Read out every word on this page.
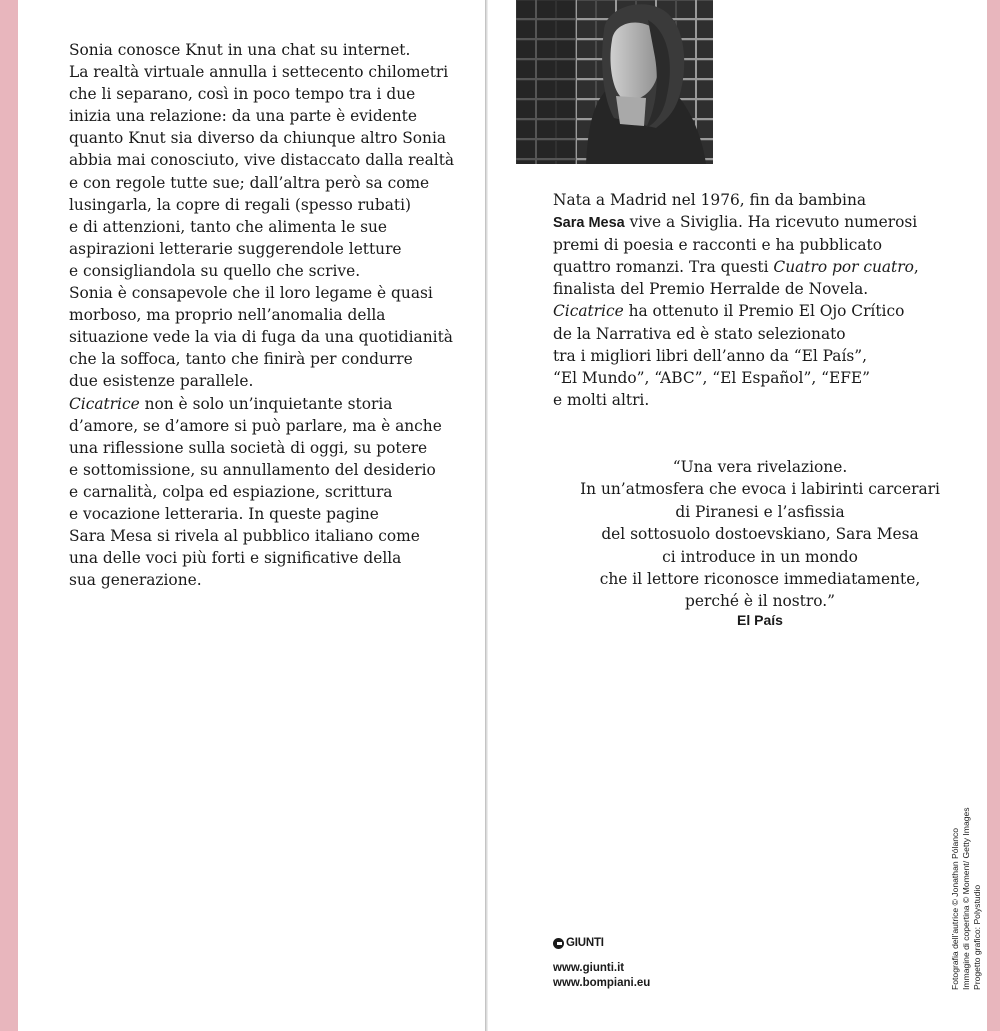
Sonia conosce Knut in una chat su internet.
La realtà virtuale annulla i settecento chilometri
che li separano, così in poco tempo tra i due
inizia una relazione: da una parte è evidente
quanto Knut sia diverso da chiunque altro Sonia
abbia mai conosciuto, vive distaccato dalla realtà
e con regole tutte sue; dall’altra però sa come
lusingarla, la copre di regali (spesso rubati)
e di attenzioni, tanto che alimenta le sue
aspirazioni letterarie suggerendole letture
e consigliandola su quello che scrive.
Sonia è consapevole che il loro legame è quasi
morboso, ma proprio nell’anomalia della
situazione vede la via di fuga da una quotidianità
che la soffoca, tanto che finirà per condurre
due esistenze parallele.
Cicatrice non è solo un’inquietante storia
d’amore, se d’amore si può parlare, ma è anche
una riflessione sulla società di oggi, su potere
e sottomissione, su annullamento del desiderio
e carnalità, colpa ed espiazione, scrittura
e vocazione letteraria. In queste pagine
Sara Mesa si rivela al pubblico italiano come
una delle voci più forti e significative della
sua generazione.
Nata a Madrid nel 1976, fin da bambina
Sara Mesa vive a Siviglia. Ha ricevuto numerosi
premi di poesia e racconti e ha pubblicato
quattro romanzi. Tra questi Cuatro por cuatro,
finalista del Premio Herralde de Novela.
Cicatrice ha ottenuto il Premio El Ojo Crítico
de la Narrativa ed è stato selezionato
tra i migliori libri dell’anno da “El País”,
“El Mundo”, “ABC”, “El Español”, “EFE”
e molti altri.
“Una vera rivelazione.
In un’atmosfera che evoca i labirinti carcerari
di Piranesi e l’asfissia
del sottosuolo dostoevskiano, Sara Mesa
ci introduce in un mondo
che il lettore riconosce immediatamente,
perché è il nostro.”
El País
GIUNTI
www.giunti.it
www.bompiani.eu	Fotografia dell’autrice © Jonathan Pólanco Immagine di copertina © Moment/ Getty Images Progetto grafico: Polystudio
